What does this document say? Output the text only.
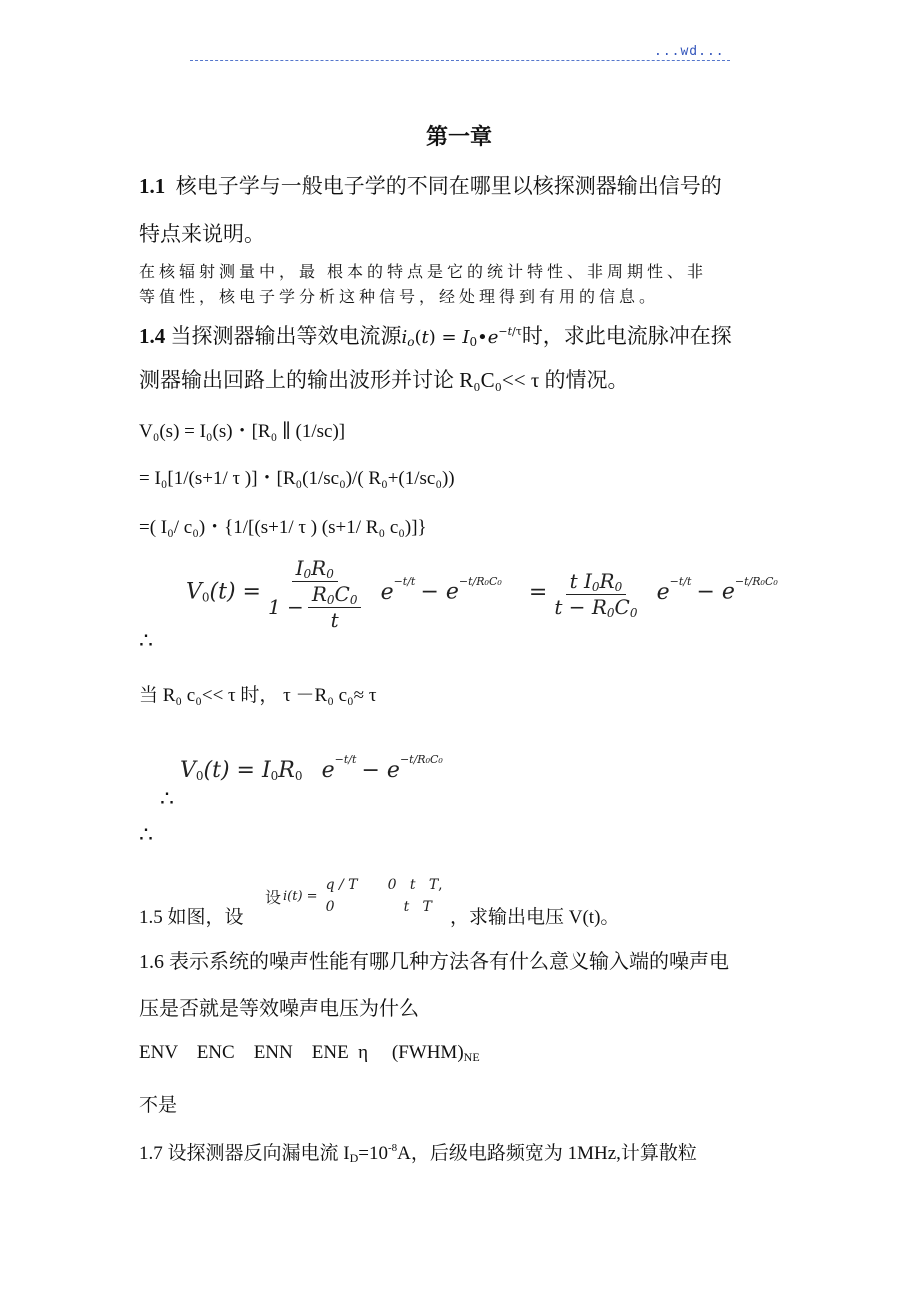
...wd...
第一章
1.1 核电子学与一般电子学的不同在哪里以核探测器输出信号的
特点来说明。
在核辐射测量中，最 根本的特点是它的统计特性、非周期性、非
等值性，核电子学分析这种信号，经处理得到有用的信息。
1.4 当探测器输出等效电流源$i_o(t)$ = $I_0•e^{-t/\tau}$时，求此电流脉冲在探
测器输出回路上的输出波形并讨论 R₀C₀<< τ 的情况。
V₀(s) = I₀(s)・[R₀ ∥ (1/sc)]
= I₀[1/(s+1/ τ )]・[R₀(1/sc₀)/( R₀+(1/sc₀))
=( I₀/ c₀)・{1/[(s+1/ τ ) (s+1/ R₀ c₀)]}
$V_0(t) = \frac{I_0R_0}{1 - \frac{R_0C_0}{t}} e^{-t/t} - e^{-t/R_0C_0} = \frac{t I_0R_0}{t - R_0C_0} e^{-t/t} - e^{-t/R_0C_0}$
∴
当 R₀ c₀<< τ 时， τ －R₀ c₀≈ τ
∴
$V_0(t) = I_0R_0$ $e^{-t/t} - e^{-t/R_0C_0}$
∴
1.5 如图，设
设 i(t) =
q / T 0   t   T,
0	t   T ，求输出电压 V(t)。
1.6 表示系统的噪声性能有哪几种方法各有什么意义输入端的噪声电
压是否就是等效噪声电压为什么
ENV    ENC    ENN    ENE  η     $(FWHM)_{NE}$
不是
1.7 设探测器反向漏电流 $I_D=10^{-8}A$，后级电路频宽为 1MHz,计算散粒
